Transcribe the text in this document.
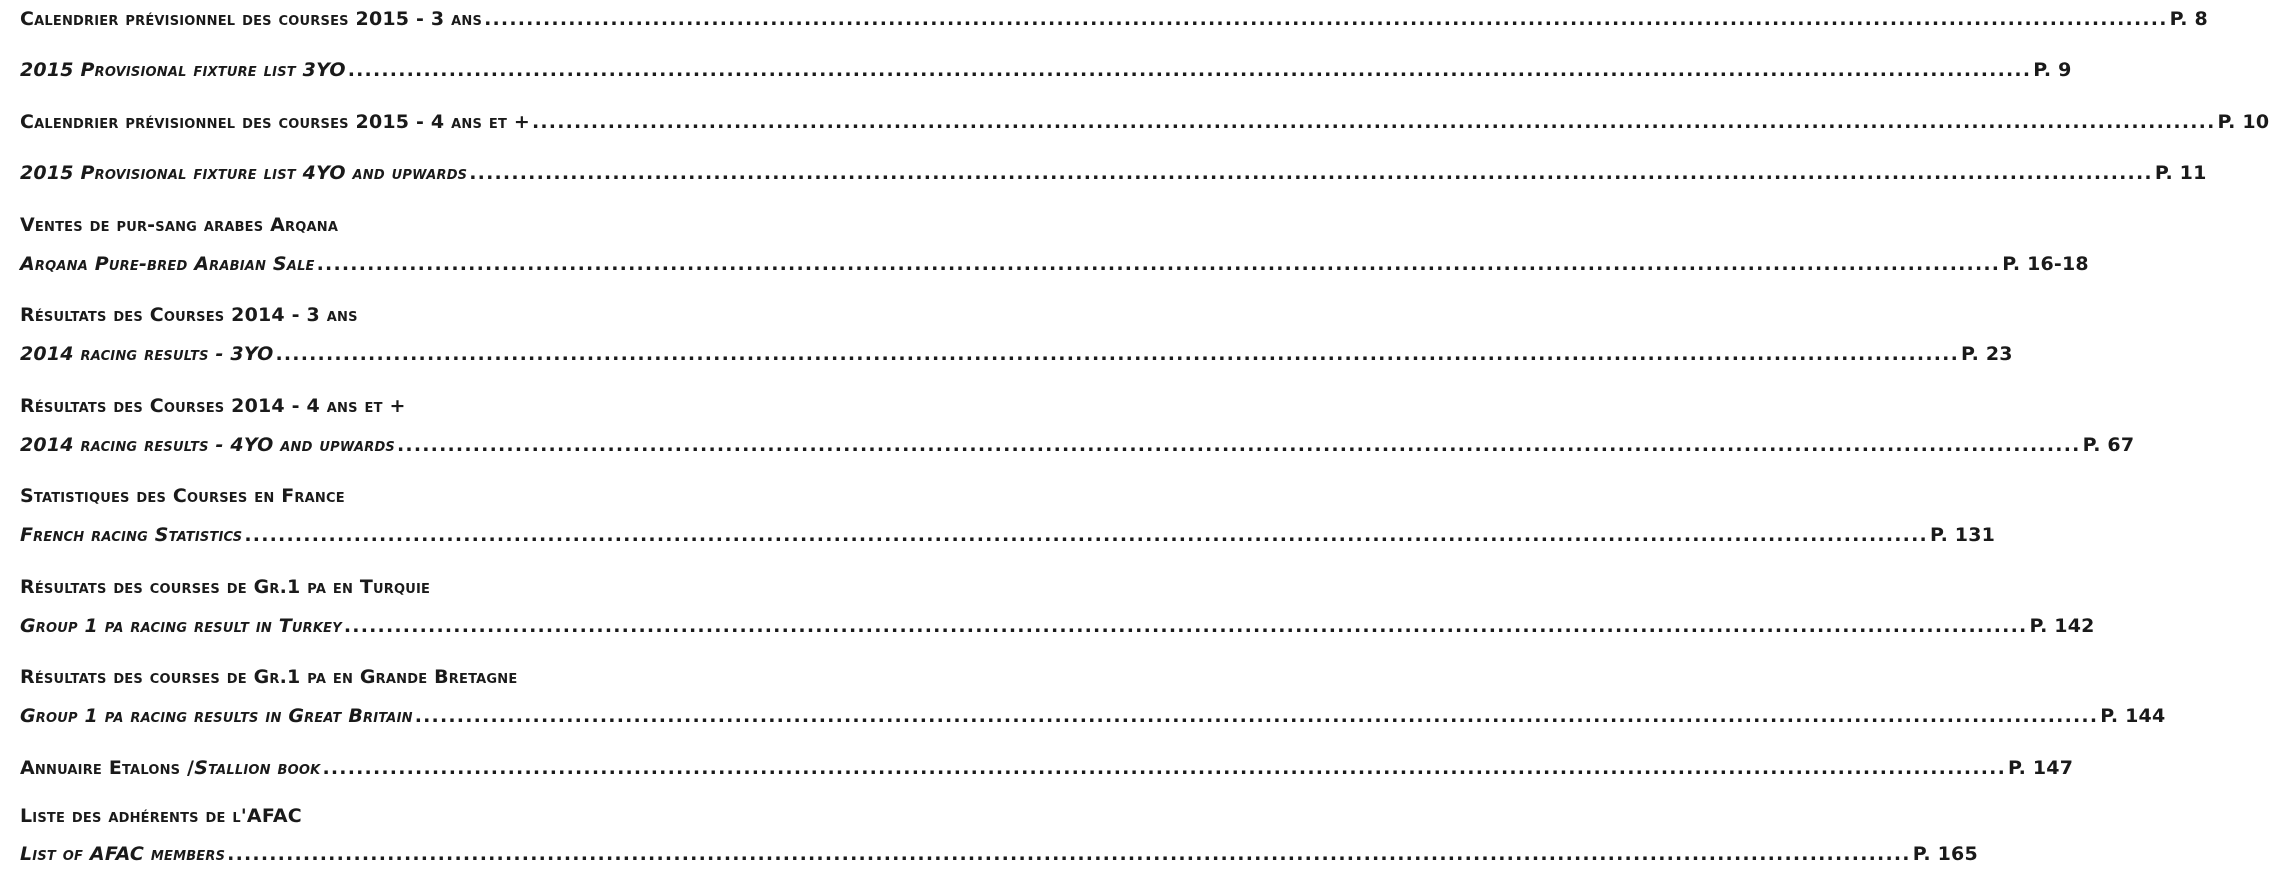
Calendrier prévisionnel des courses 2015 - 3 ans ........................................................................................................................................................................................................ P. 8
2015 Provisional fixture list 3YO ........................................................................................................................................................................................................ P. 9
Calendrier prévisionnel des courses 2015 - 4 ans et + ........................................................................................................................................................................................................ P. 10
2015 Provisional fixture list 4YO and upwards ........................................................................................................................................................................................................ P. 11
Ventes de pur-sang arabes Arqana
Arqana Pure-bred Arabian Sale ........................................................................................................................................................................................................ P. 16-18
Résultats des Courses 2014 - 3 ans
2014 racing results - 3YO ........................................................................................................................................................................................................ P. 23
Résultats des Courses 2014 - 4 ans et +
2014 racing results - 4YO and upwards ........................................................................................................................................................................................................ P. 67
Statistiques des Courses en France
French racing Statistics ........................................................................................................................................................................................................ P. 131
Résultats des courses de Gr.1 pa en Turquie
Group 1 pa racing result in Turkey ........................................................................................................................................................................................................ P. 142
Résultats des courses de Gr.1 pa en Grande Bretagne
Group 1 pa racing results in Great Britain ........................................................................................................................................................................................................ P. 144
Annuaire Etalons / Stallion book ........................................................................................................................................................................................................ P. 147
Liste des adhérents de l'AFAC
List of AFAC members ........................................................................................................................................................................................................ P. 165
